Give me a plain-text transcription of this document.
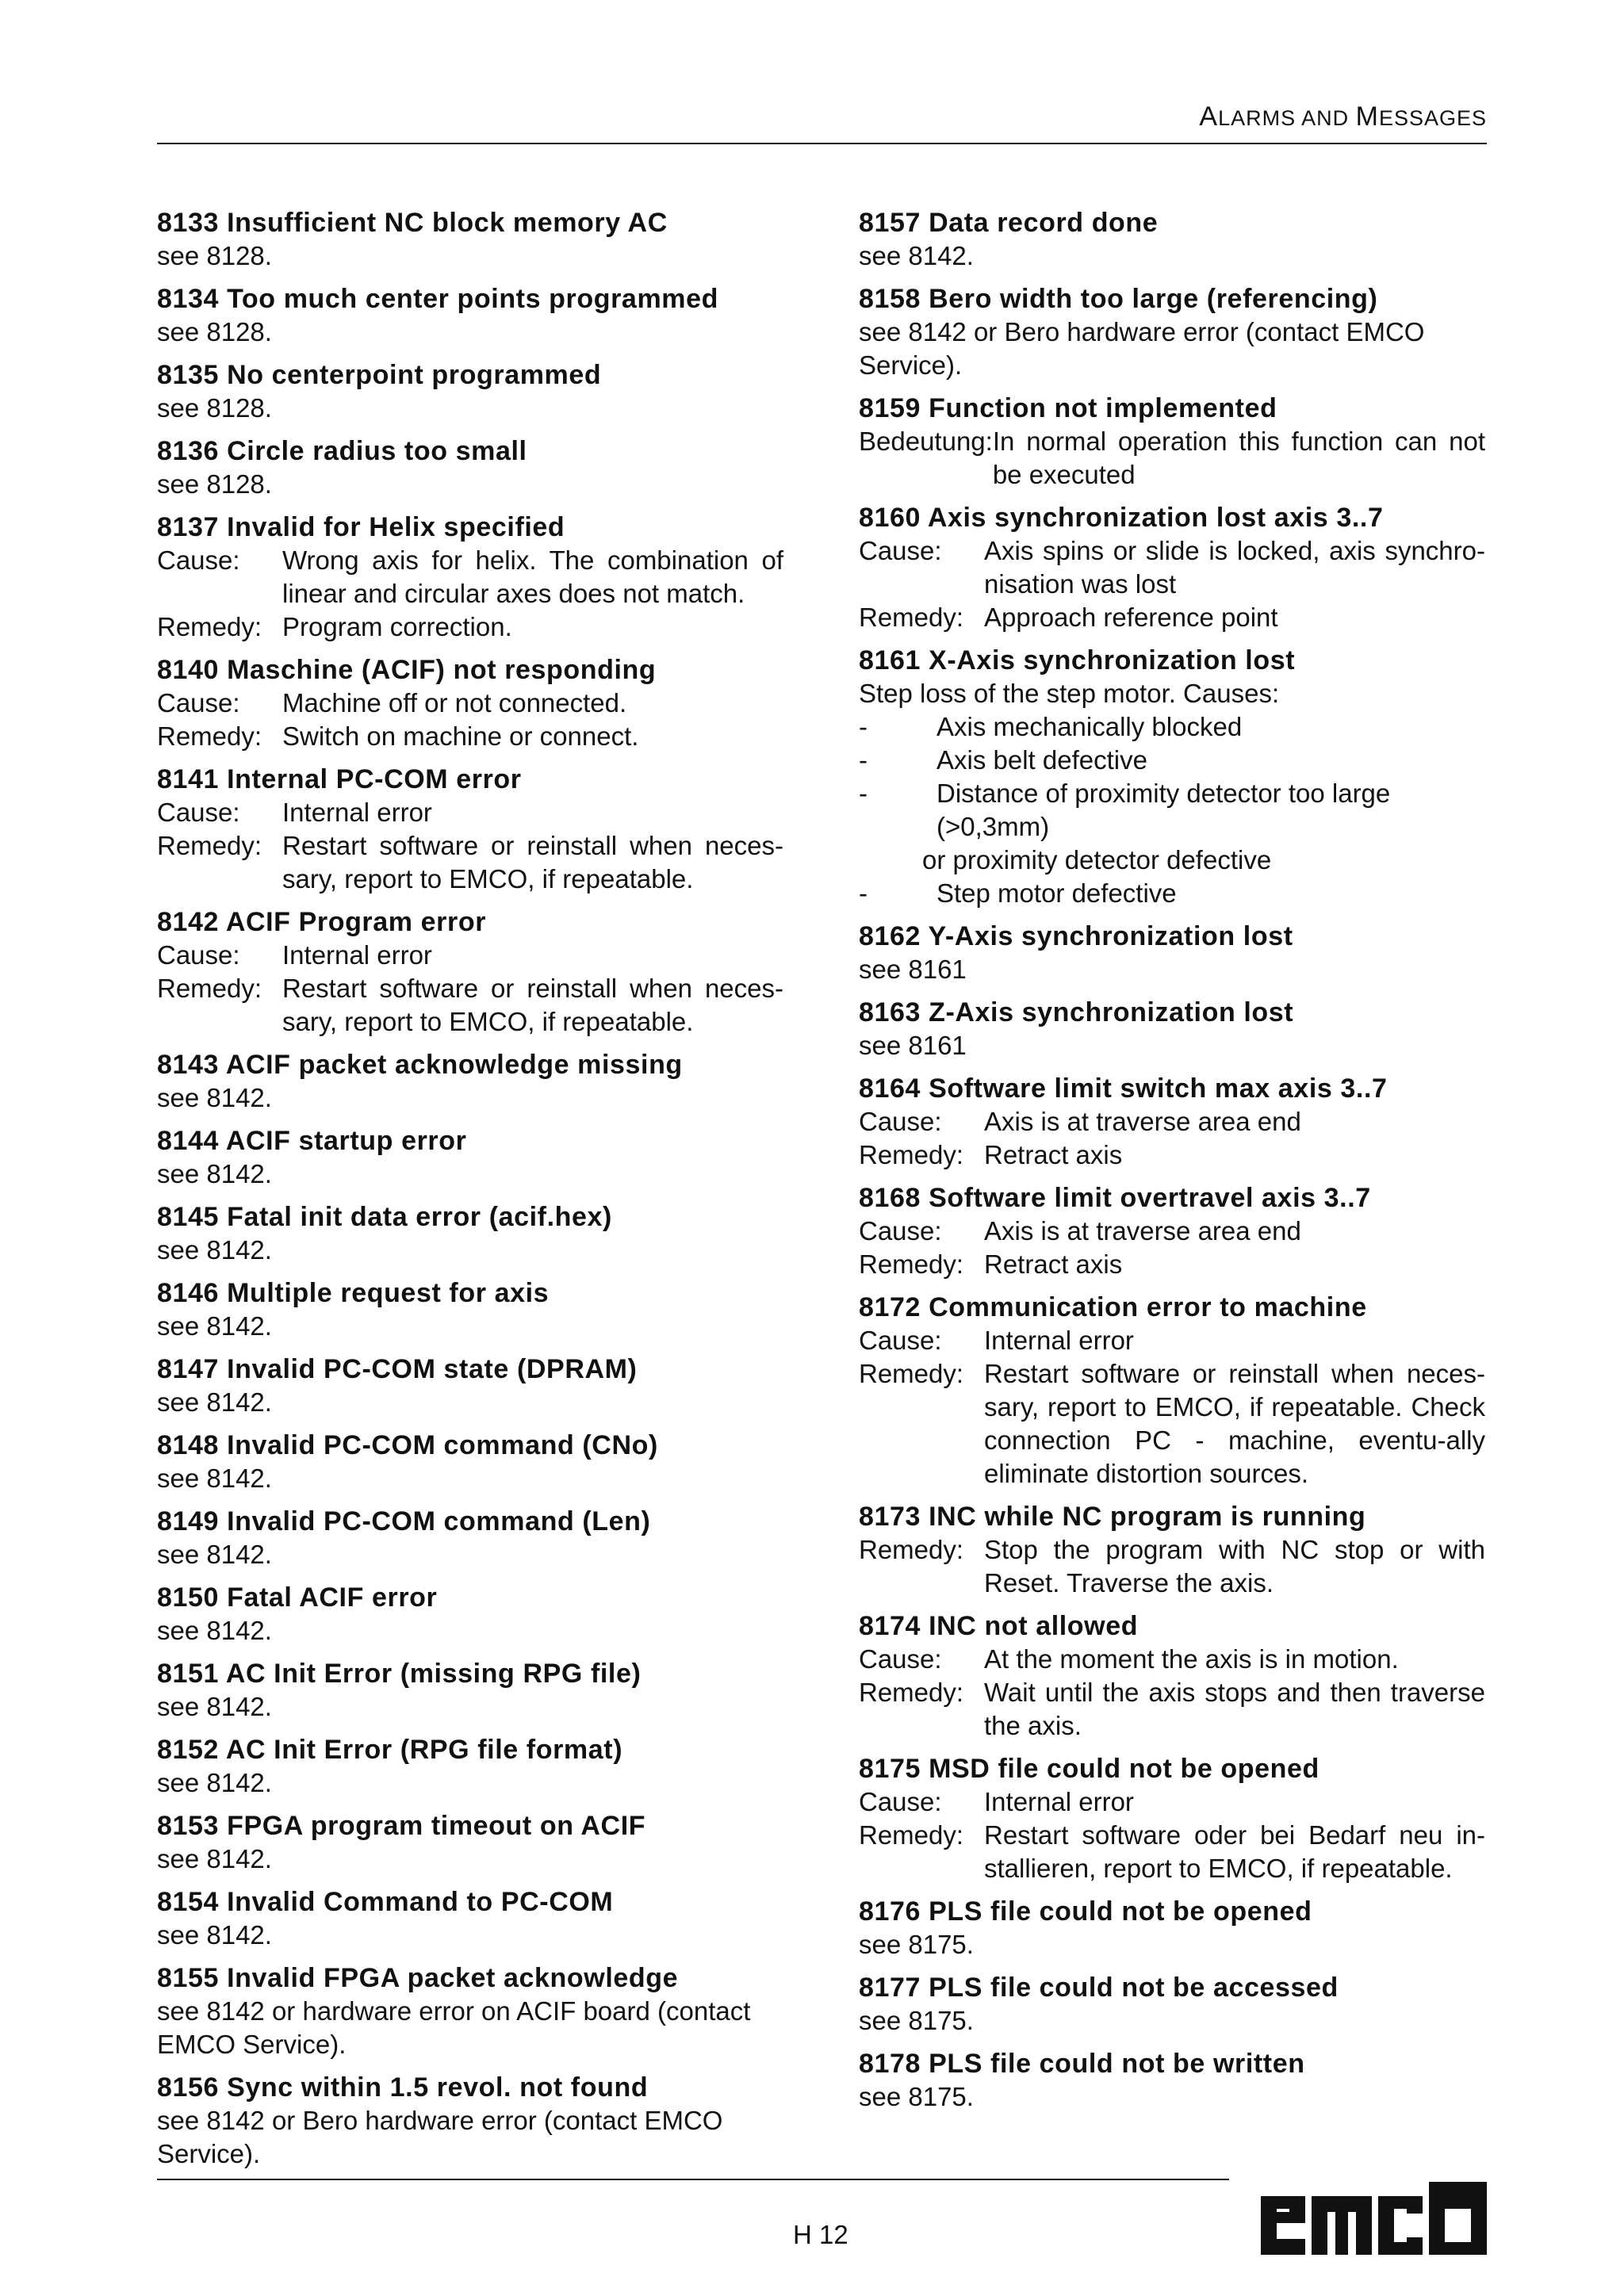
ALARMS AND MESSAGES
8133 Insufficient NC block memory AC
see 8128.
8134 Too much center points programmed
see 8128.
8135 No centerpoint programmed
see 8128.
8136 Circle radius too small
see 8128.
8137 Invalid for Helix specified
Cause:	Wrong axis for helix. The combination of linear and circular axes does not match.
Remedy: Program correction.
8140 Maschine (ACIF) not responding
Cause:	Machine off or not connected.
Remedy: Switch on machine or connect.
8141 Internal PC-COM error
Cause:	Internal error
Remedy: Restart software or reinstall when neces-sary, report to EMCO, if repeatable.
8142 ACIF Program error
Cause:	Internal error
Remedy: Restart software or reinstall when neces-sary, report to EMCO, if repeatable.
8143 ACIF packet acknowledge missing
see 8142.
8144 ACIF startup error
see 8142.
8145 Fatal init data error (acif.hex)
see 8142.
8146 Multiple request for axis
see 8142.
8147 Invalid PC-COM state (DPRAM)
see 8142.
8148 Invalid PC-COM command (CNo)
see 8142.
8149 Invalid PC-COM command (Len)
see 8142.
8150 Fatal ACIF error
see 8142.
8151 AC Init Error (missing RPG file)
see 8142.
8152 AC Init Error (RPG file format)
see 8142.
8153 FPGA program timeout on ACIF
see 8142.
8154 Invalid Command to PC-COM
see 8142.
8155 Invalid FPGA packet acknowledge
see 8142 or hardware error on ACIF board (contact EMCO Service).
8156 Sync within 1.5 revol. not found
see 8142 or Bero hardware error (contact EMCO Service).
8157 Data record done
see 8142.
8158 Bero width too large (referencing)
see 8142 or Bero hardware error (contact EMCO Service).
8159 Function not implemented
Bedeutung: In normal operation this function can not be executed
8160 Axis synchronization lost axis 3..7
Cause:	Axis spins or slide is locked, axis synchro-nisation was lost
Remedy: Approach reference point
8161 X-Axis synchronization lost
Step loss of the step motor. Causes:
-	Axis mechanically blocked
-	Axis belt defective
-	Distance of proximity detector too large (>0,3mm)
or proximity detector defective
-	Step motor defective
8162 Y-Axis synchronization lost
see 8161
8163 Z-Axis synchronization lost
see 8161
8164 Software limit switch max axis 3..7
Cause:	Axis is at traverse area end
Remedy: Retract axis
8168 Software limit overtravel axis 3..7
Cause:	Axis is at traverse area end
Remedy: Retract axis
8172 Communication error to machine
Cause:	Internal error
Remedy: Restart software or reinstall when neces-sary, report to EMCO, if repeatable. Check connection PC - machine, eventu-ally eliminate distortion sources.
8173 INC while NC program is running
Remedy: Stop the program with NC stop or with Reset. Traverse the axis.
8174 INC not allowed
Cause:	At the moment the axis is in motion.
Remedy: Wait until the axis stops and then traverse the axis.
8175 MSD file could not be opened
Cause:	Internal error
Remedy: Restart software oder bei Bedarf neu in-stallieren, report to EMCO, if repeatable.
8176 PLS file could not be opened
see 8175.
8177 PLS file could not be accessed
see 8175.
8178 PLS file could not be written
see 8175.
H 12
